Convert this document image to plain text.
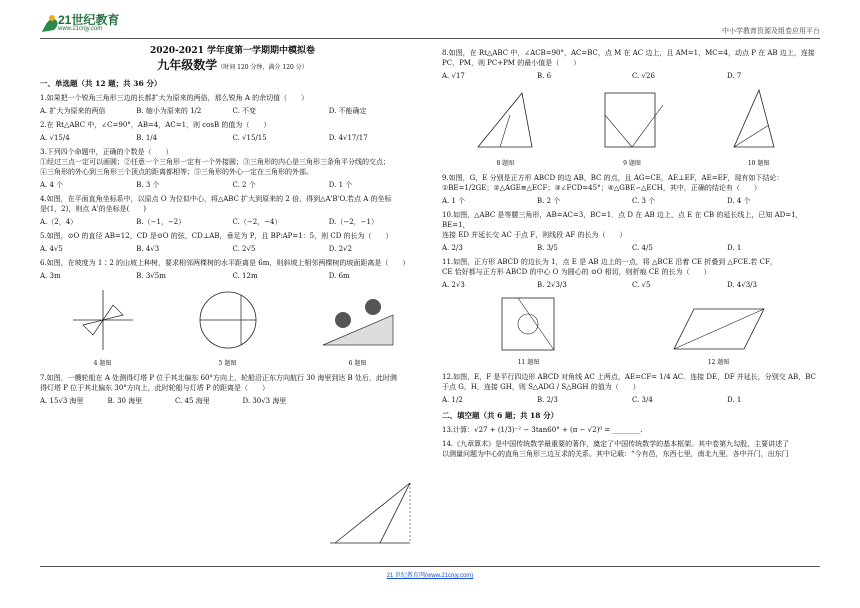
21世纪教育
www.21cnjy.com	中小学教育资源及组卷应用平台
2020-2021 学年度第一学期期中模拟卷
九年级数学（时间 120 分钟，满分 120 分）
一、单选题（共 12 题；共 36 分）

1.如果把一个锐角三角形三边的长都扩大为原来的两倍，那么锐角 A 的余切值（　　）

A. 扩大为原来的两倍	B. 缩小为原来的 1/2	C. 不变	D. 不能确定

2.在 Rt△ABC 中，∠C=90°，AB=4，AC=1，则 cosB 的值为（　　）

A. √15/4	B. 1/4	C. √15/15	D. 4√17/17

3.下列四个命题中，正确的个数是（　　）

①经过三点一定可以画圆；②任意一个三角形一定有一个外接圆；③三角形的内心是三角形三条角平分线的交点；

④三角形的外心到三角形三个顶点的距离都相等；⑤三角形的外心一定在三角形的外部。

A. 4 个	B. 3 个	C. 2 个	D. 1 个

4.如图，在平面直角坐标系中，以原点 O 为位似中心，将△ABC 扩大到原来的 2 倍，得到△A'B'O.若点 A 的坐标

是(1，2)，则点 A'的坐标是(　　)

A.（2，4）	B.（−1，−2）	C.（−2，−4）	D.（−2，−1）

5.如图，⊙O 的直径 AB=12，CD 是⊙O 的弦，CD⊥AB，垂足为 P，且 BP:AP=1：5，则 CD 的长为（　　）

A. 4√5	B. 4√3	C. 2√5	D. 2√2

6.如图，在坡度为 1∶2 的山坡上种树，要求相邻两棵树的水平距离是 6m，则斜坡上相邻两棵树的坡面距离是（　　）

A. 3m	B. 3√5m	C. 12m	D. 6m
4 题图	5 题图	6 题图

7.如图，一艘轮船在 A 处测得灯塔 P 位于其北偏东 60°方向上，轮船沿正东方向航行 30 海里到达 B 处后，此时测

得灯塔 P 位于其北偏东 30°方向上，此时轮船与灯塔 P 的距离是（　　）

A. 15√3 海里	B. 30 海里	C. 45 海里	D. 30√3 海里

8.如图，在 Rt△ABC 中，∠ACB=90°，AC=BC，点 M 在 AC 边上，且 AM=1，MC=4，动点 P 在 AB 边上，连接

PC，PM，则 PC+PM 的最小值是（　　）

A. √17	B. 6	C. √26	D. 7
8 题图	9 题图	10 题图

9.如图，G，E 分别是正方形 ABCD 的边 AB，BC 的点，且 AG=CE，AE⊥EF，AE=EF，现有如下结论：

①BE=1/2GE；②△AGE≌△ECF；③∠FCD=45°；④△GBE∽△ECH，其中，正确的结论有（　　）

A. 1 个	B. 2 个	C. 3 个	D. 4 个

10.如图，△ABC 是等腰三角形，AB=AC=3，BC=1．点 D 在 AB 边上，点 E 在 CB 的延长线上，已知 AD=1，BE=1，

连接 ED 并延长交 AC 于点 F，则线段 AF 的长为（　　）

A. 2/3	B. 3/5	C. 4/5	D. 1

11.如图，正方形 ABCD 的边长为 1，点 E 是 AB 边上的一点，将 △BCE 沿着 CE 折叠到 △FCE.若 CF，

CE 恰好都与正方形 ABCD 的中心 O 为圆心的 ⊙O 相切，则折痕 CE 的长为（　　）

A. 2√3	B. 2√3/3	C. √5	D. 4√3/3
11 题图	12 题图

12.如图，E，F 是平行四边形 ABCD 对角线 AC 上两点，AE=CF= 1/4 AC．连接 DE，DF 并延长，分别交 AB，BC

于点 G，H，连接 GH，则 S△ADG / S△BGH 的值为（　　）

A. 1/2	B. 2/3	C. 3/4	D. 1
二、填空题（共 6 题；共 18 分）

13.计算：√27 + (1/3)⁻² − 3tan60° + (π − √2)⁰ = ________.

14.《九章算术》是中国传统数学最重要的著作，奠定了中国传统数学的基本框架。其中卷第九勾股，主要讲述了

以测量问题为中心的直角三角形三边互求的关系。其中记载：“今有邑，东西七里，南北九里，各中开门，出东门

21 世纪教育网(www.21cnjy.com)
